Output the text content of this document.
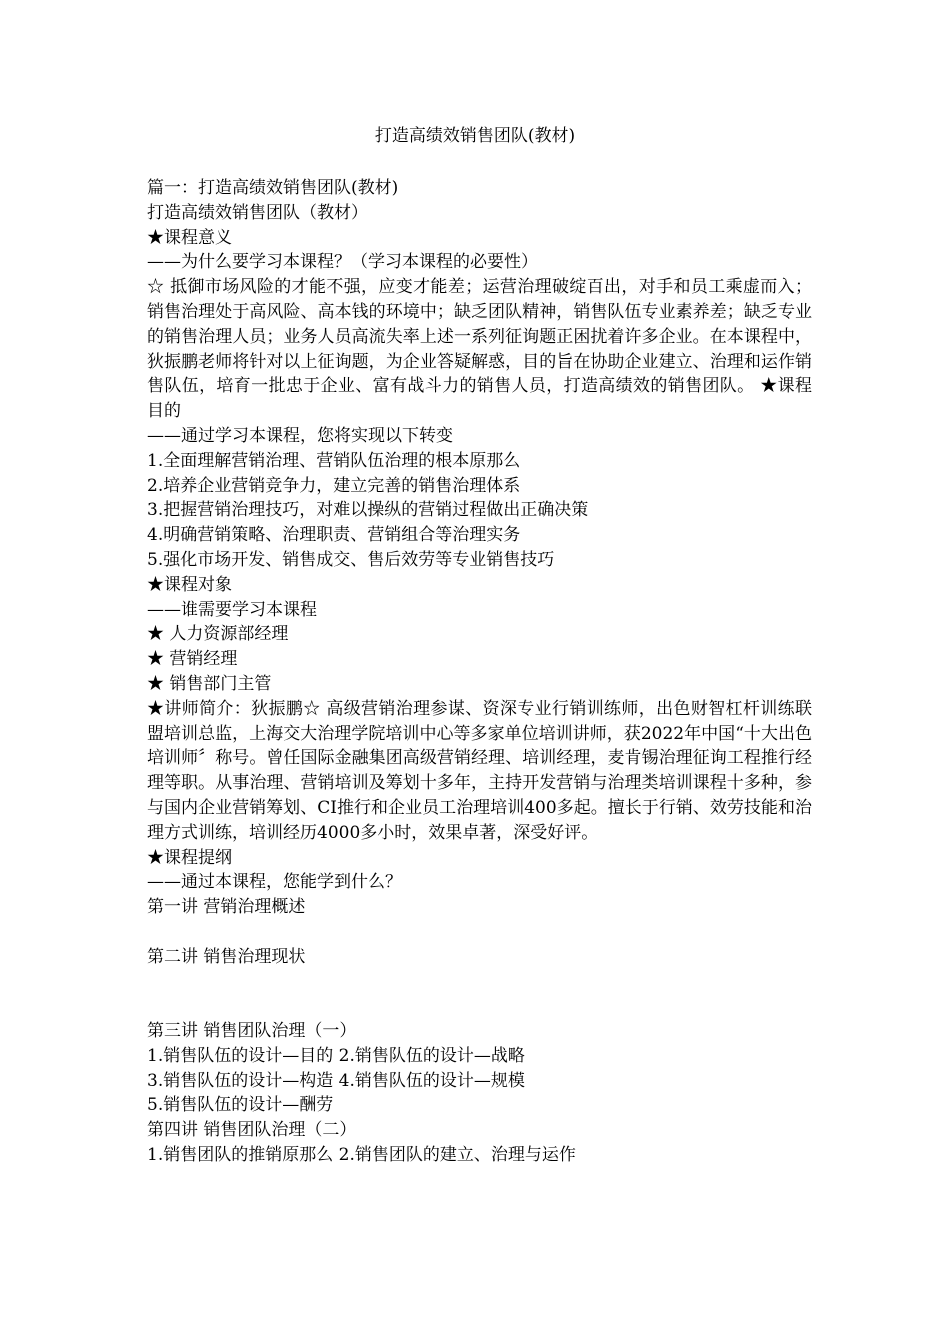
打造高绩效销售团队(教材)
篇一：打造高绩效销售团队(教材)
打造高绩效销售团队（教材）
★课程意义
——为什么要学习本课程？（学习本课程的必要性）
☆ 抵御市场风险的才能不强，应变才能差；运营治理破绽百出，对手和员工乘虚而入；销售治理处于高风险、高本钱的环境中；缺乏团队精神，销售队伍专业素养差；缺乏专业的销售治理人员；业务人员高流失率上述一系列征询题正困扰着许多企业。在本课程中，狄振鹏老师将针对以上征询题，为企业答疑解惑，目的旨在协助企业建立、治理和运作销售队伍，培育一批忠于企业、富有战斗力的销售人员，打造高绩效的销售团队。 ★课程目的
——通过学习本课程，您将实现以下转变
1.全面理解营销治理、营销队伍治理的根本原那么
2.培养企业营销竞争力，建立完善的销售治理体系
3.把握营销治理技巧，对难以操纵的营销过程做出正确决策
4.明确营销策略、治理职责、营销组合等治理实务
5.强化市场开发、销售成交、售后效劳等专业销售技巧
★课程对象
——谁需要学习本课程
★ 人力资源部经理
★ 营销经理
★ 销售部门主管
★讲师简介：狄振鹏☆ 高级营销治理参谋、资深专业行销训练师，出色财智杠杆训练联盟培训总监，上海交大治理学院培训中心等多家单位培训讲师，获2022年中国“十大出色培训师〞称号。曾任国际金融集团高级营销经理、培训经理，麦肯锡治理征询工程推行经理等职。从事治理、营销培训及筹划十多年，主持开发营销与治理类培训课程十多种，参与国内企业营销筹划、CI推行和企业员工治理培训400多起。擅长于行销、效劳技能和治理方式训练，培训经历4000多小时，效果卓著，深受好评。
★课程提纲
——通过本课程，您能学到什么？
第一讲 营销治理概述
第二讲 销售治理现状
第三讲 销售团队治理（一）
1.销售队伍的设计—目的 2.销售队伍的设计—战略
3.销售队伍的设计—构造 4.销售队伍的设计—规模
5.销售队伍的设计—酬劳
第四讲 销售团队治理（二）
1.销售团队的推销原那么 2.销售团队的建立、治理与运作
